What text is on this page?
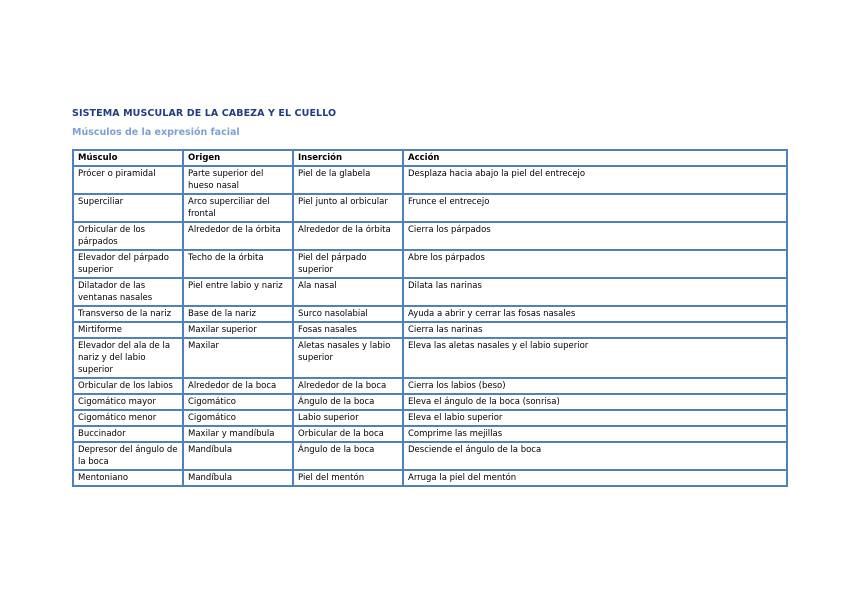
SISTEMA MUSCULAR DE LA CABEZA Y EL CUELLO
Músculos de la expresión facial
Músculo	Origen	Inserción	Acción
Prócer o piramidal	Parte superior del hueso nasal	Piel de la glabela	Desplaza hacia abajo la piel del entrecejo
Superciliar	Arco superciliar del frontal	Piel junto al orbicular	Frunce el entrecejo
Orbicular de los párpados	Alrededor de la órbita	Alrededor de la órbita	Cierra los párpados
Elevador del párpado superior	Techo de la órbita	Piel del párpado superior	Abre los párpados
Dilatador de las ventanas nasales	Piel entre labio y nariz	Ala nasal	Dilata las narinas
Transverso de la nariz	Base de la nariz	Surco nasolabial	Ayuda a abrir y cerrar las fosas nasales
Mirtiforme	Maxilar superior	Fosas nasales	Cierra las narinas
Elevador del ala de la nariz y del labio superior	Maxilar	Aletas nasales y labio superior	Eleva las aletas nasales y el labio superior
Orbicular de los labios	Alrededor de la boca	Alrededor de la boca	Cierra los labios (beso)
Cigomático mayor	Cigomático	Ángulo de la boca	Eleva el ángulo de la boca (sonrisa)
Cigomático menor	Cigomático	Labio superior	Eleva el labio superior
Buccinador	Maxilar y mandíbula	Orbicular de la boca	Comprime las mejillas
Depresor del ángulo de la boca	Mandíbula	Ángulo de la boca	Desciende el ángulo de la boca
Mentoniano	Mandíbula	Piel del mentón	Arruga la piel del mentón
